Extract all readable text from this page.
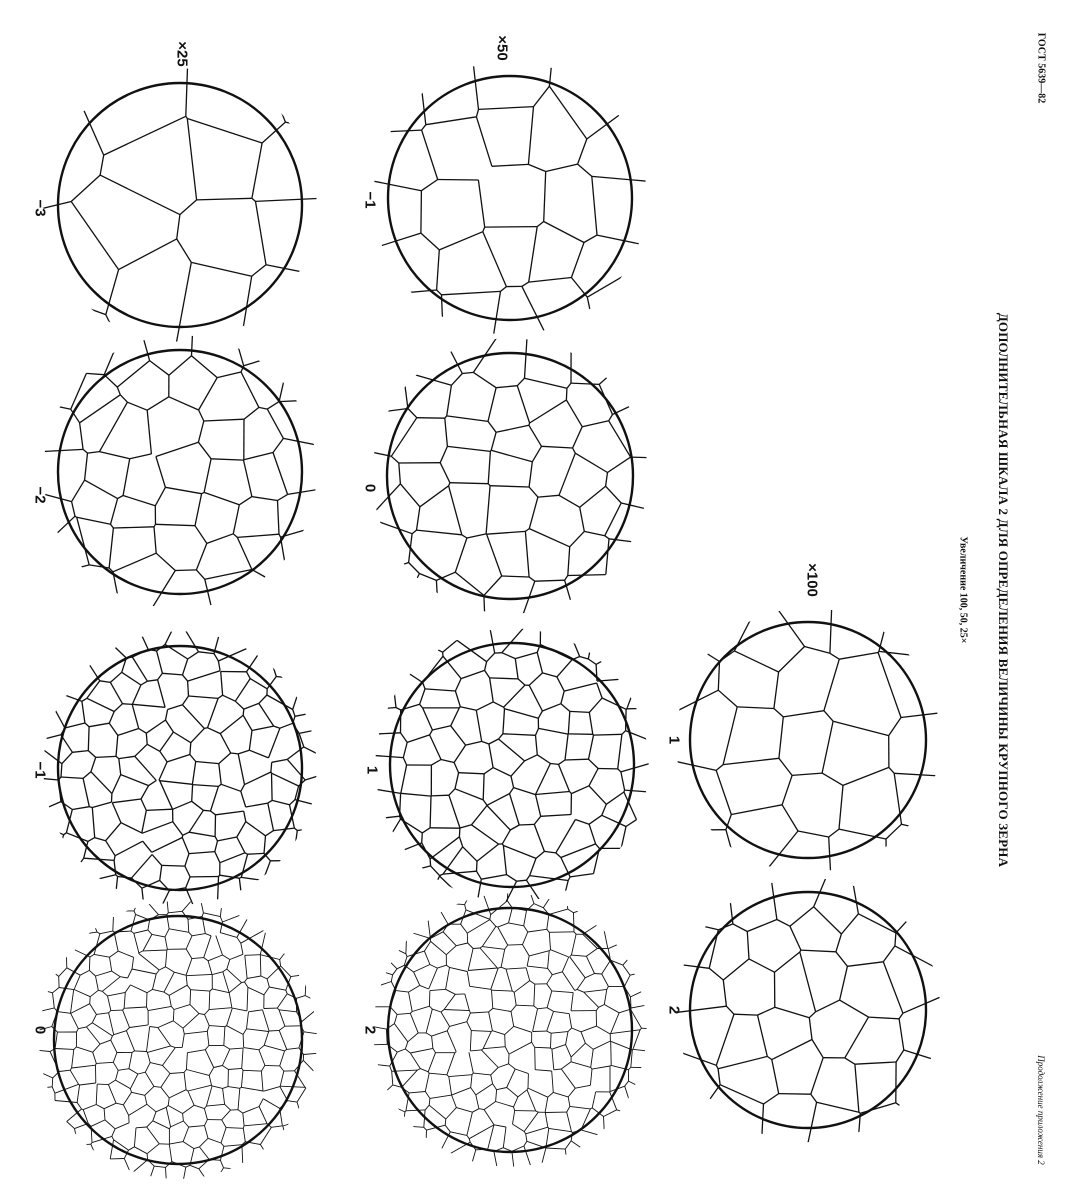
ГОСТ 5639—82
ДОПОЛНИТЕЛЬНАЯ ШКАЛА 2 ДЛЯ ОПРЕДЕЛЕНИЯ ВЕЛИЧИНЫ КРУПНОГО ЗЕРНА
Увеличение 100, 50, 25×
Продолжение приложения 2
×100
×50
×25
1
2
−1
0
1
2
−3
−2
−1
0
